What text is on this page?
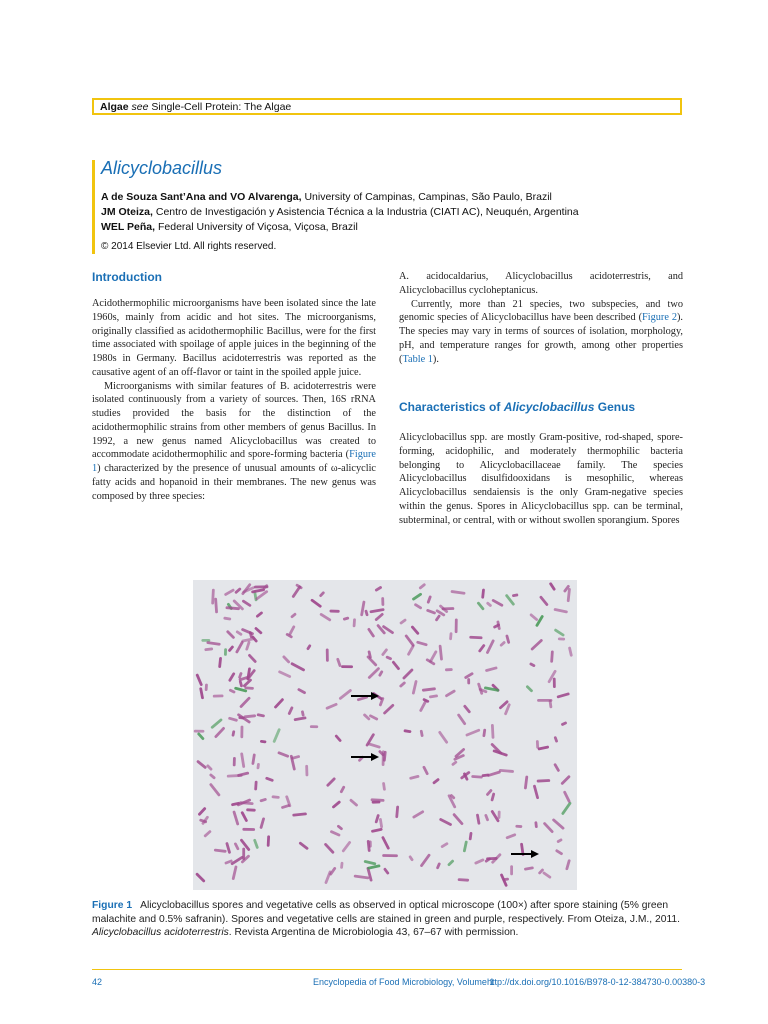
Algae see Single-Cell Protein: The Algae
Alicyclobacillus
A de Souza Sant’Ana and VO Alvarenga, University of Campinas, Campinas, São Paulo, Brazil
JM Oteiza, Centro de Investigación y Asistencia Técnica a la Industria (CIATI AC), Neuquén, Argentina
WEL Peña, Federal University of Viçosa, Viçosa, Brazil
© 2014 Elsevier Ltd. All rights reserved.
Introduction

Acidothermophilic microorganisms have been isolated since the late 1960s, mainly from acidic and hot sites. The microorganisms, originally classified as acidothermophilic Bacillus, were for the first time associated with spoilage of apple juices in the beginning of the 1980s in Germany. Bacillus acidoterrestris was reported as the causative agent of an off-flavor or taint in the spoiled apple juice.

Microorganisms with similar features of B. acidoterrestris were isolated continuously from a variety of sources. Then, 16S rRNA studies provided the basis for the distinction of the acidothermophilic strains from other members of genus Bacillus. In 1992, a new genus named Alicyclobacillus was created to accommodate acidothermophilic and spore-forming bacteria (Figure 1) characterized by the presence of unusual amounts of ω-alicyclic fatty acids and hopanoid in their membranes. The new genus was composed by three species:

A. acidocaldarius, Alicyclobacillus acidoterrestris, and Alicyclobacillus cycloheptanicus.

Currently, more than 21 species, two subspecies, and two genomic species of Alicyclobacillus have been described (Figure 2). The species may vary in terms of sources of isolation, morphology, pH, and temperature ranges for growth, among other properties (Table 1).

Characteristics of Alicyclobacillus Genus

Alicyclobacillus spp. are mostly Gram-positive, rod-shaped, spore-forming, acidophilic, and moderately thermophilic bacteria belonging to Alicyclobacillaceae family. The species Alicyclobacillus disulfidooxidans is mesophilic, whereas Alicyclobacillus sendaiensis is the only Gram-negative species within the genus. Spores in Alicyclobacillus spp. can be terminal, subterminal, or central, with or without swollen sporangium. Spores

Figure 1 Alicyclobacillus spores and vegetative cells as observed in optical microscope (100×) after spore staining (5% green malachite and 0.5% safranin). Spores and vegetative cells are stained in green and purple, respectively. From Oteiza, J.M., 2011. Alicyclobacillus acidoterrestris. Revista Argentina de Microbiologia 43, 67–67 with permission.
42	Encyclopedia of Food Microbiology, Volume 1
http://dx.doi.org/10.1016/B978-0-12-384730-0.00380-3
